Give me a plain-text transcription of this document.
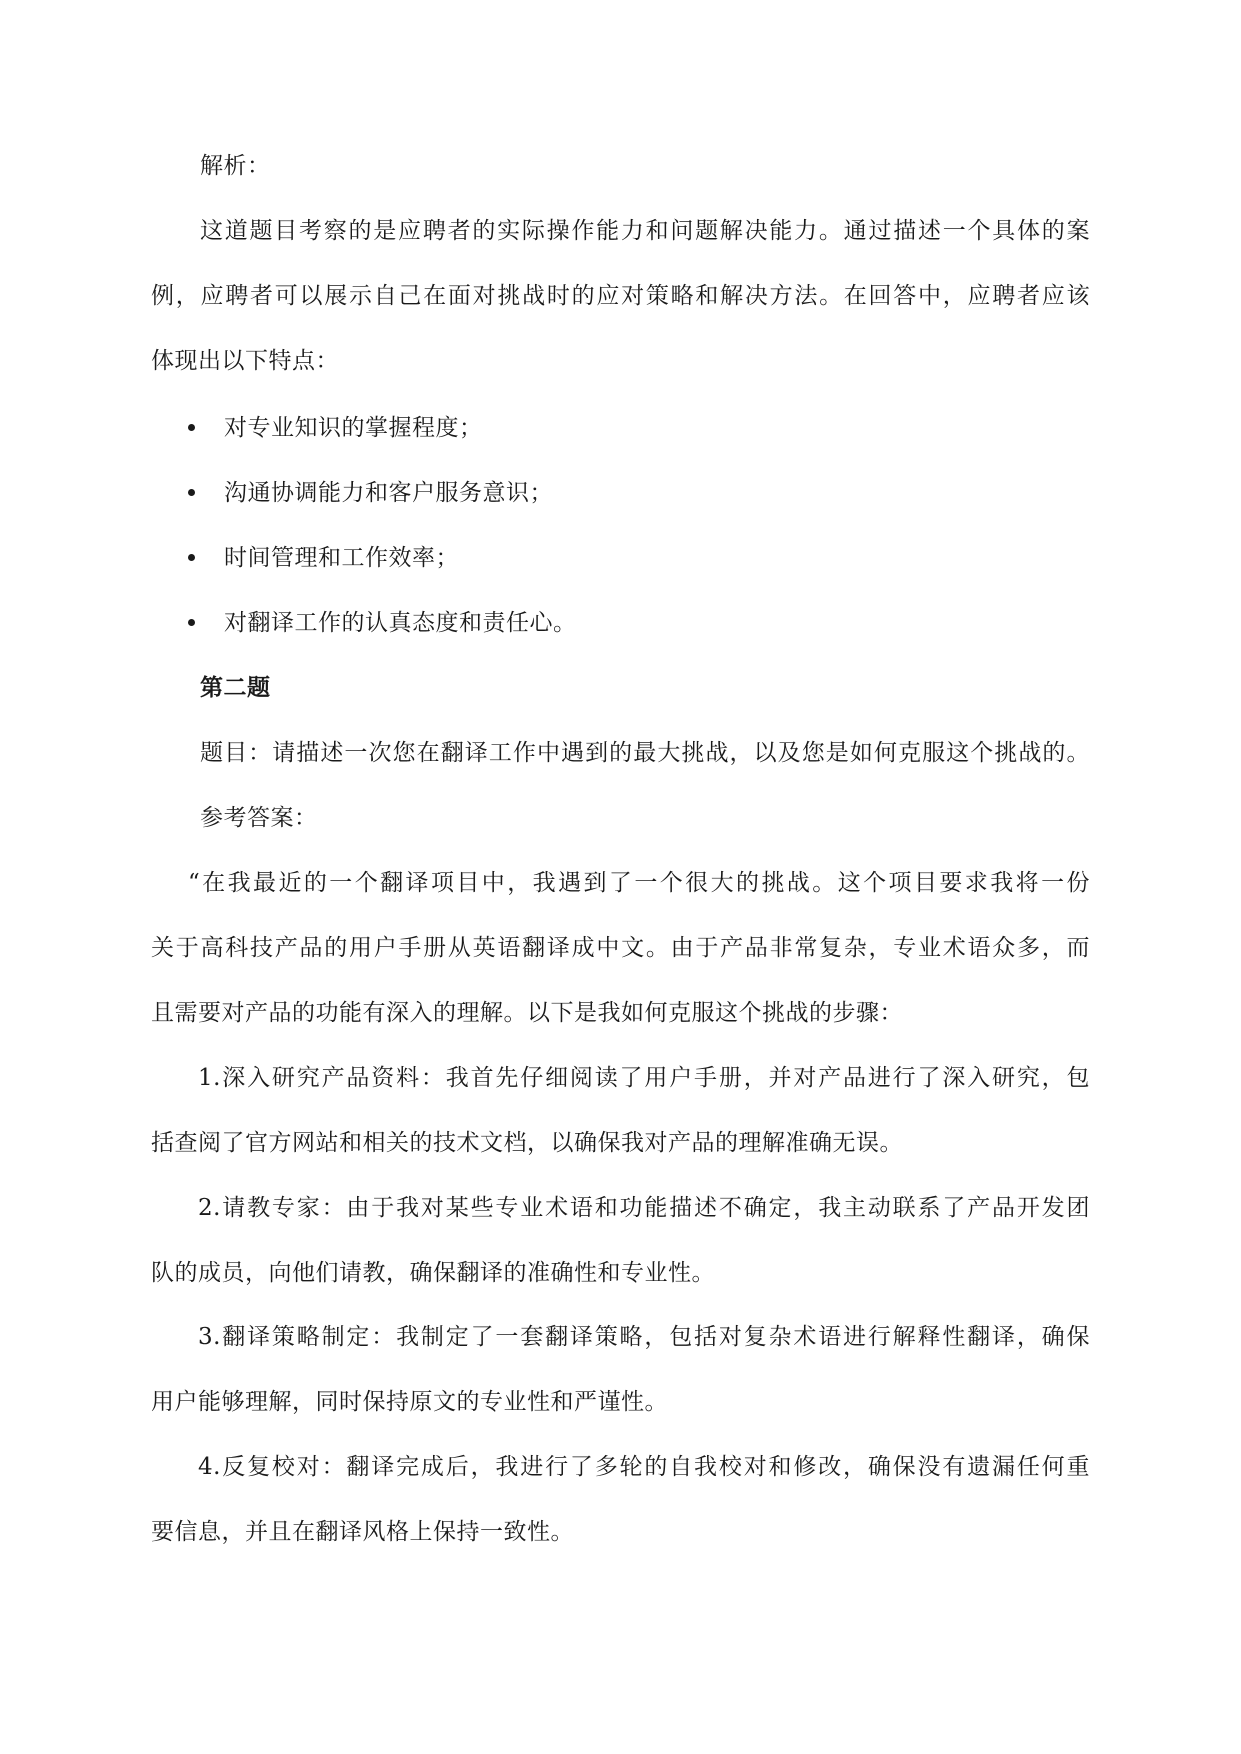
解析：
这道题目考察的是应聘者的实际操作能力和问题解决能力。通过描述一个具体的案
例，应聘者可以展示自己在面对挑战时的应对策略和解决方法。在回答中，应聘者应该
体现出以下特点：
对专业知识的掌握程度；
沟通协调能力和客户服务意识；
时间管理和工作效率；
对翻译工作的认真态度和责任心。
第二题
题目：请描述一次您在翻译工作中遇到的最大挑战，以及您是如何克服这个挑战的。
参考答案：
“在我最近的一个翻译项目中，我遇到了一个很大的挑战。这个项目要求我将一份
关于高科技产品的用户手册从英语翻译成中文。由于产品非常复杂，专业术语众多，而
且需要对产品的功能有深入的理解。以下是我如何克服这个挑战的步骤：
1.深入研究产品资料：我首先仔细阅读了用户手册，并对产品进行了深入研究，包
括查阅了官方网站和相关的技术文档，以确保我对产品的理解准确无误。
2.请教专家：由于我对某些专业术语和功能描述不确定，我主动联系了产品开发团
队的成员，向他们请教，确保翻译的准确性和专业性。
3.翻译策略制定：我制定了一套翻译策略，包括对复杂术语进行解释性翻译，确保
用户能够理解，同时保持原文的专业性和严谨性。
4.反复校对：翻译完成后，我进行了多轮的自我校对和修改，确保没有遗漏任何重
要信息，并且在翻译风格上保持一致性。
